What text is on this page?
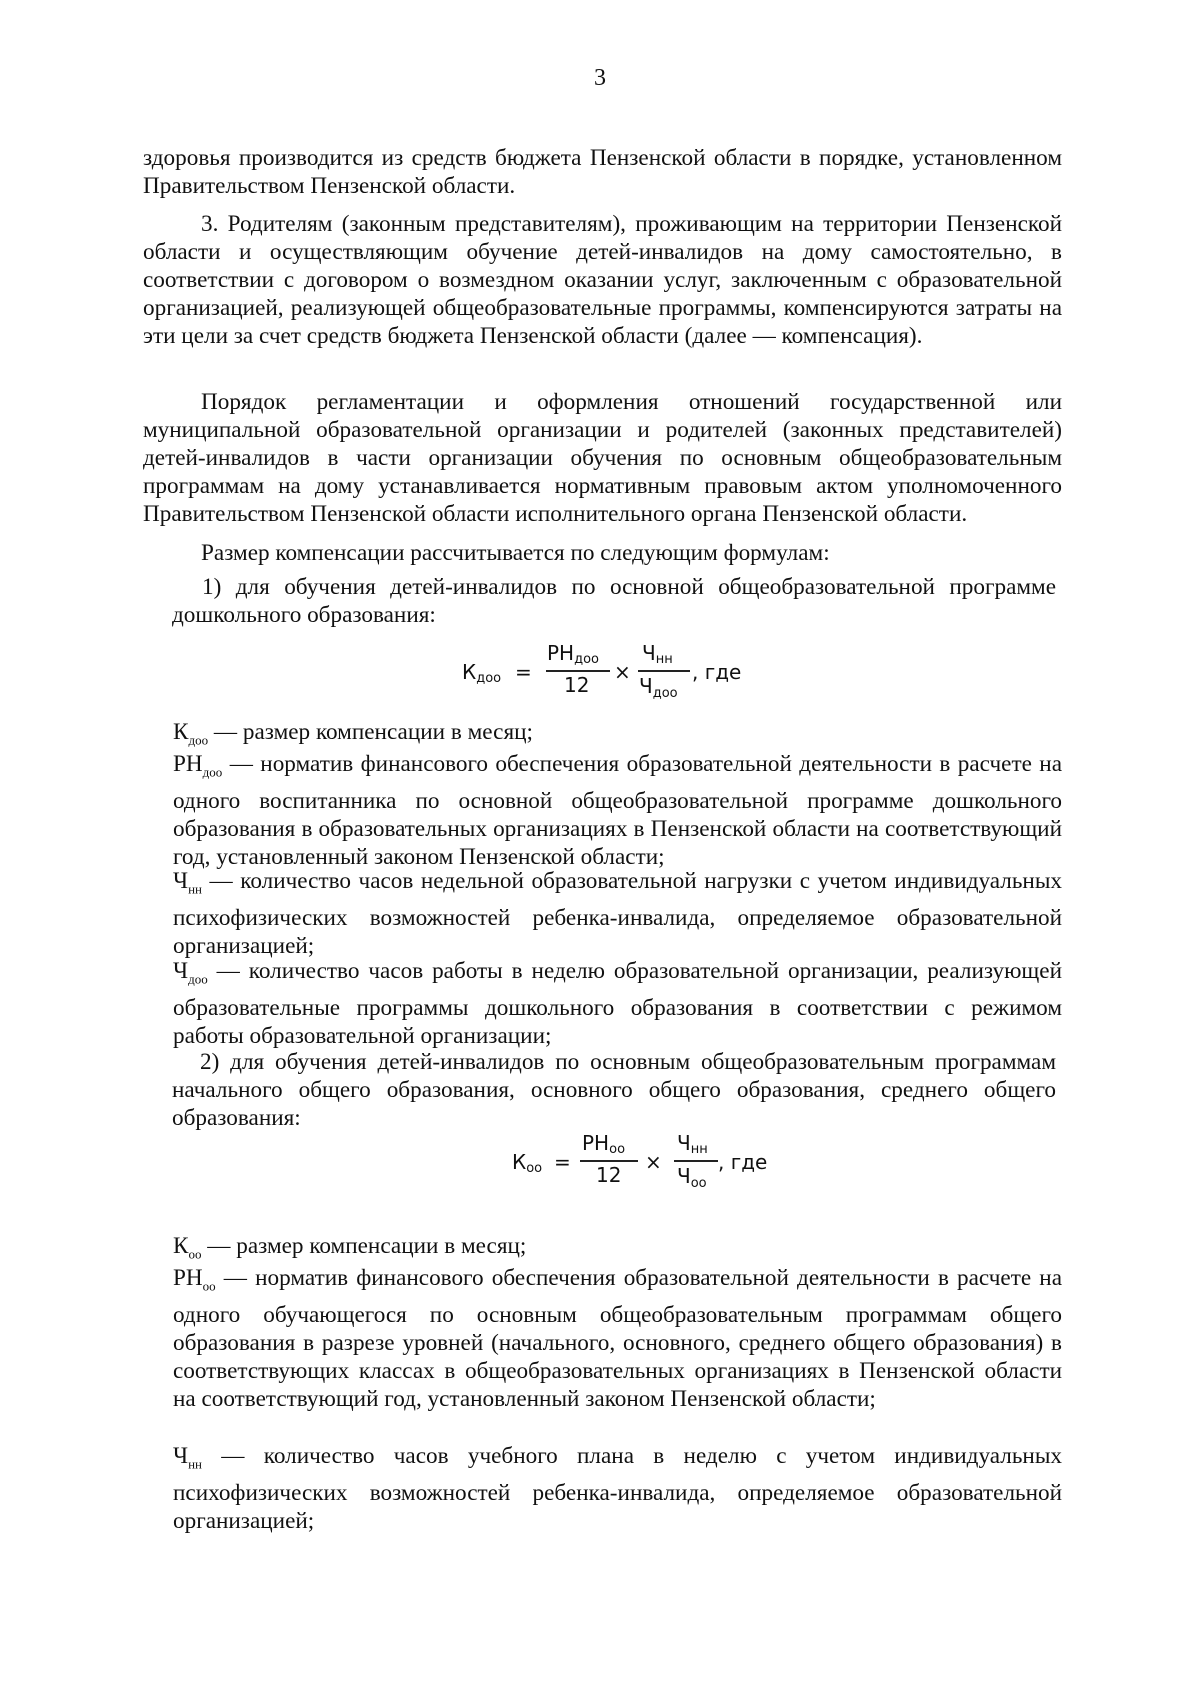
3

здоровья производится из средств бюджета Пензенской области в порядке, установленном Правительством Пензенской области.

3. Родителям (законным представителям), проживающим на территории Пензенской области и осуществляющим обучение детей-инвалидов на дому самостоятельно, в соответствии с договором о возмездном оказании услуг, заключенным с образовательной организацией, реализующей общеобразовательные программы, компенсируются затраты на эти цели за счет средств бюджета Пензенской области (далее — компенсация).

Порядок регламентации и оформления отношений государственной или муниципальной образовательной организации и родителей (законных представителей) детей-инвалидов в части организации обучения по основным общеобразовательным программам на дому устанавливается нормативным правовым актом уполномоченного Правительством Пензенской области исполнительного органа Пензенской области.

Размер компенсации рассчитывается по следующим формулам:

1) для обучения детей-инвалидов по основной общеобразовательной программе дошкольного образования:

Кдоо =
РНдоо
12
×
Чнн
$Ч_{доо}$
, где

$К_{доо}$ — размер компенсации в месяц;

$РН_{доо}$ — норматив финансового обеспечения образовательной деятельности в расчете на одного воспитанника по основной общеобразовательной программе дошкольного образования в образовательных организациях в Пензенской области на соответствующий год, установленный законом Пензенской области;

$Ч_{нн}$ — количество часов недельной образовательной нагрузки с учетом индивидуальных психофизических возможностей ребенка-инвалида, определяемое образовательной организацией;

$Ч_{доо}$ — количество часов работы в неделю образовательной организации, реализующей образовательные программы дошкольного образования в соответствии с режимом работы образовательной организации;

2) для обучения детей-инвалидов по основным общеобразовательным программам начального общего образования, основного общего образования, среднего общего образования:

Коо =
РНоо
12
×
Чнн
$Ч_{оо}$
, где

$К_{оо}$ — размер компенсации в месяц;

$РН_{оо}$ — норматив финансового обеспечения образовательной деятельности в расчете на одного обучающегося по основным общеобразовательным программам общего образования в разрезе уровней (начального, основного, среднего общего образования) в соответствующих классах в общеобразовательных организациях в Пензенской области на соответствующий год, установленный законом Пензенской области;

$Ч_{нн}$ — количество часов учебного плана в неделю с учетом индивидуальных психофизических возможностей ребенка-инвалида, определяемое образовательной организацией;
